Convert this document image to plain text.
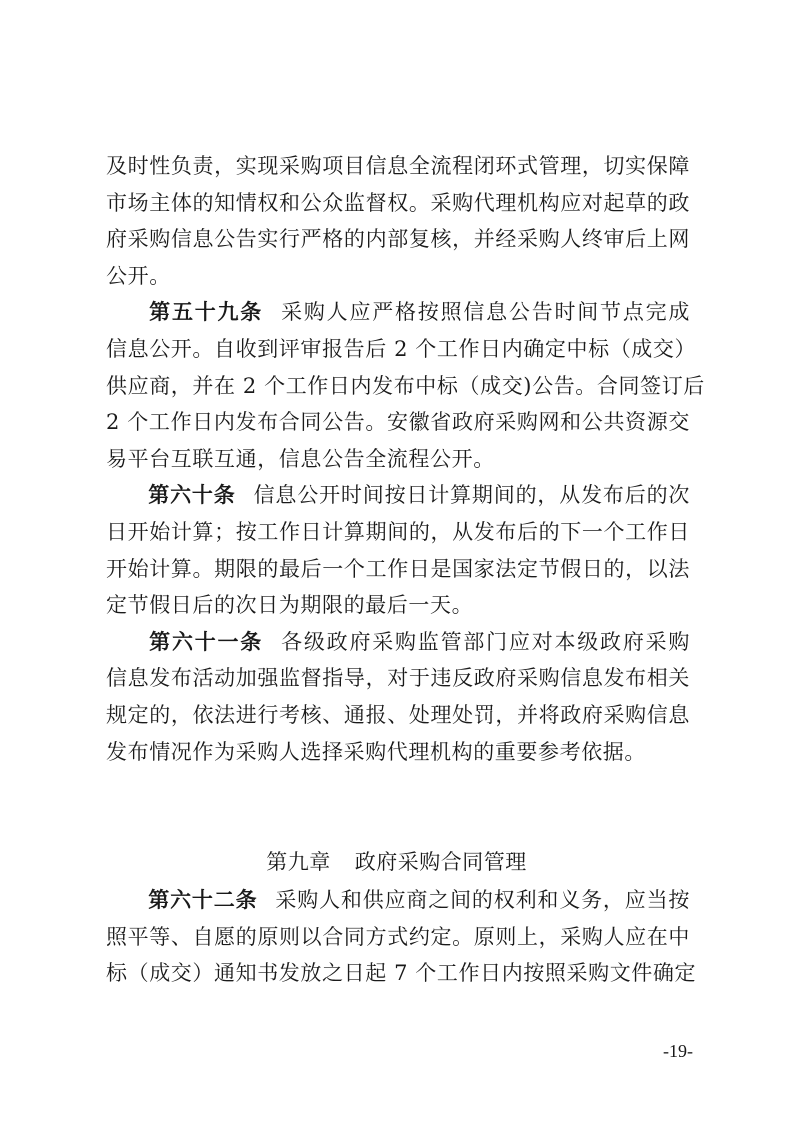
及时性负责，实现采购项目信息全流程闭环式管理，切实保障
市场主体的知情权和公众监督权。采购代理机构应对起草的政
府采购信息公告实行严格的内部复核，并经采购人终审后上网
公开。

第五十九条 采购人应严格按照信息公告时间节点完成
信息公开。自收到评审报告后 2 个工作日内确定中标（成交）
供应商，并在 2 个工作日内发布中标（成交)公告。合同签订后
2 个工作日内发布合同公告。安徽省政府采购网和公共资源交
易平台互联互通，信息公告全流程公开。

第六十条 信息公开时间按日计算期间的，从发布后的次
日开始计算；按工作日计算期间的，从发布后的下一个工作日
开始计算。期限的最后一个工作日是国家法定节假日的，以法
定节假日后的次日为期限的最后一天。

第六十一条 各级政府采购监管部门应对本级政府采购
信息发布活动加强监督指导，对于违反政府采购信息发布相关
规定的，依法进行考核、通报、处理处罚，并将政府采购信息
发布情况作为采购人选择采购代理机构的重要参考依据。

第九章 政府采购合同管理

第六十二条 采购人和供应商之间的权利和义务，应当按
照平等、自愿的原则以合同方式约定。原则上，采购人应在中
标（成交）通知书发放之日起 7 个工作日内按照采购文件确定

-19-
